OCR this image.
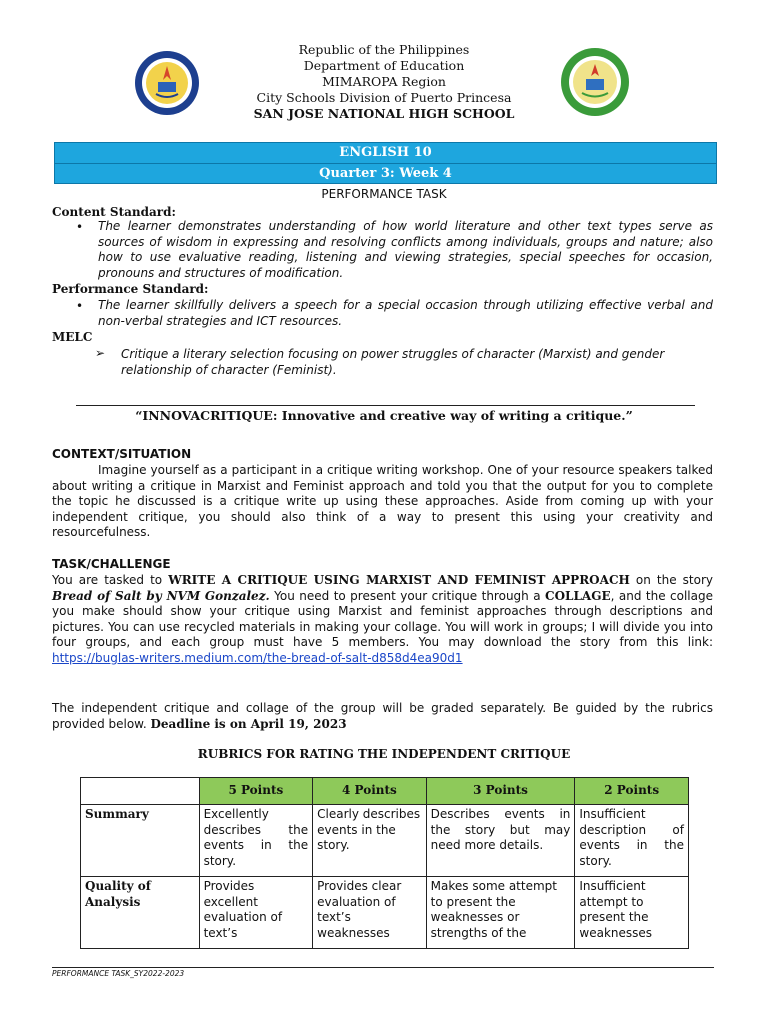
Republic of the Philippines
Department of Education
MIMAROPA Region
City Schools Division of Puerto Princesa
SAN JOSE NATIONAL HIGH SCHOOL
ENGLISH 10
Quarter 3: Week 4
PERFORMANCE TASK
Content Standard:
• The learner demonstrates understanding of how world literature and other text types serve as sources of wisdom in expressing and resolving conflicts among individuals, groups and nature; also how to use evaluative reading, listening and viewing strategies, special speeches for occasion, pronouns and structures of modification.
Performance Standard:
• The learner skillfully delivers a speech for a special occasion through utilizing effective verbal and non-verbal strategies and ICT resources.
MELC
➢ Critique a literary selection focusing on power struggles of character (Marxist) and gender relationship of character (Feminist).
“INNOVACRITIQUE: Innovative and creative way of writing a critique.”
CONTEXT/SITUATION
Imagine yourself as a participant in a critique writing workshop. One of your resource speakers talked about writing a critique in Marxist and Feminist approach and told you that the output for you to complete the topic he discussed is a critique write up using these approaches. Aside from coming up with your independent critique, you should also think of a way to present this using your creativity and resourcefulness.
TASK/CHALLENGE
You are tasked to WRITE A CRITIQUE USING MARXIST AND FEMINIST APPROACH on the story Bread of Salt by NVM Gonzalez. You need to present your critique through a COLLAGE, and the collage you make should show your critique using Marxist and feminist approaches through descriptions and pictures. You can use recycled materials in making your collage. You will work in groups; I will divide you into four groups, and each group must have 5 members. You may download the story from this link: https://buglas-writers.medium.com/the-bread-of-salt-d858d4ea90d1
The independent critique and collage of the group will be graded separately. Be guided by the rubrics provided below. Deadline is on April 19, 2023
RUBRICS FOR RATING THE INDEPENDENT CRITIQUE
	5 Points	4 Points	3 Points	2 Points
Summary	Excellently describes the events in the story.	Clearly describes events in the story.	Describes events in the story but may need more details.	Insufficient description of events in the story.
Quality of Analysis	Provides excellent evaluation of text’s	Provides clear evaluation of text’s weaknesses	Makes some attempt to present the weaknesses or strengths of the	Insufficient attempt to present the weaknesses
PERFORMANCE TASK_SY2022-2023
